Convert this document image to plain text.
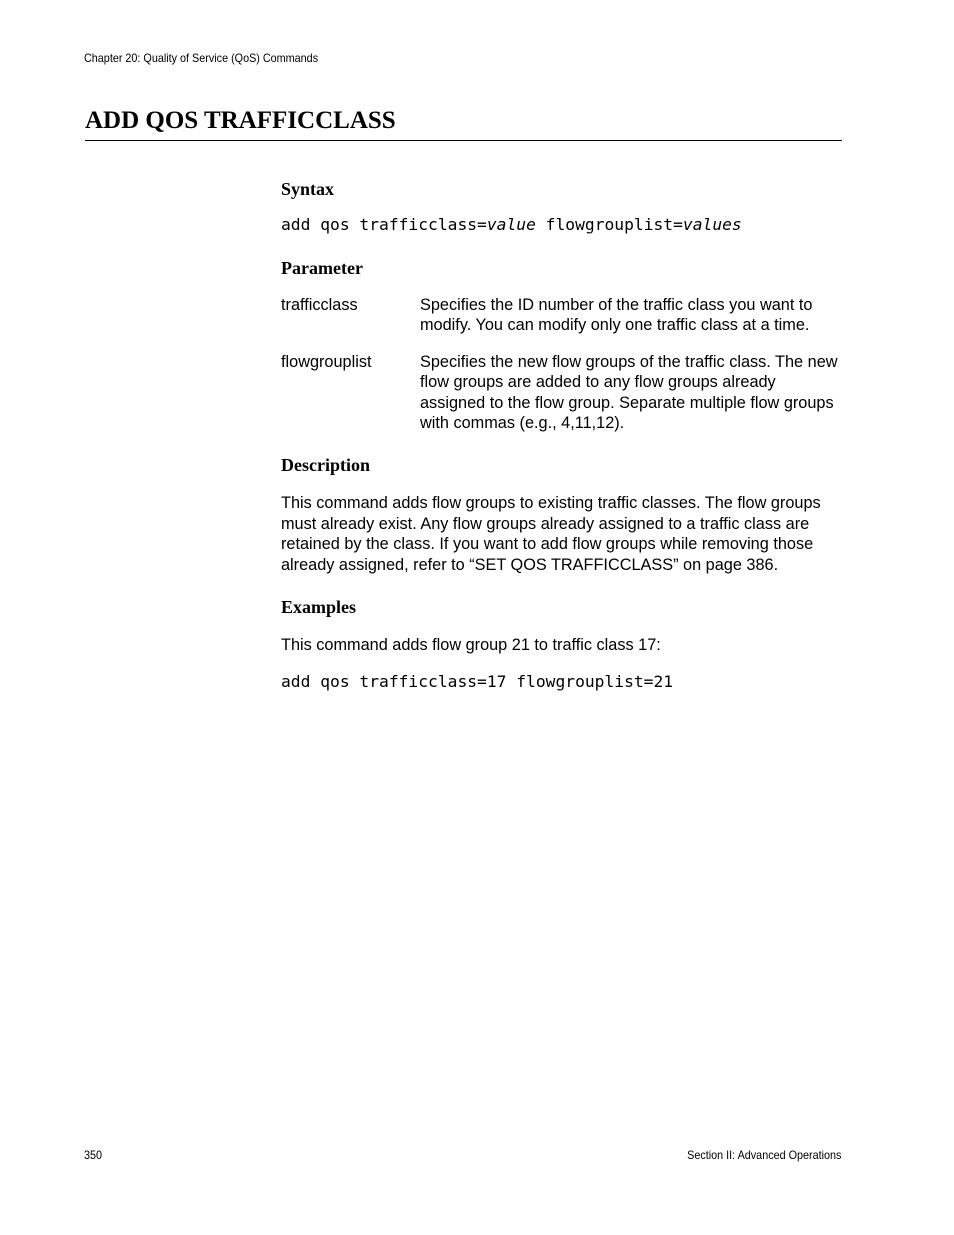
Chapter 20: Quality of Service (QoS) Commands
ADD QOS TRAFFICCLASS
Syntax
add qos trafficclass=value flowgrouplist=values
Parameter
trafficclass	Specifies the ID number of the traffic class you want to modify. You can modify only one traffic class at a time.
flowgrouplist	Specifies the new flow groups of the traffic class. The new flow groups are added to any flow groups already assigned to the flow group. Separate multiple flow groups with commas (e.g., 4,11,12).
Description

This command adds flow groups to existing traffic classes. The flow groups must already exist. Any flow groups already assigned to a traffic class are retained by the class. If you want to add flow groups while removing those already assigned, refer to “SET QOS TRAFFICCLASS” on page 386.

Examples

This command adds flow group 21 to traffic class 17:

add qos trafficclass=17 flowgrouplist=21
350	Section II: Advanced Operations
